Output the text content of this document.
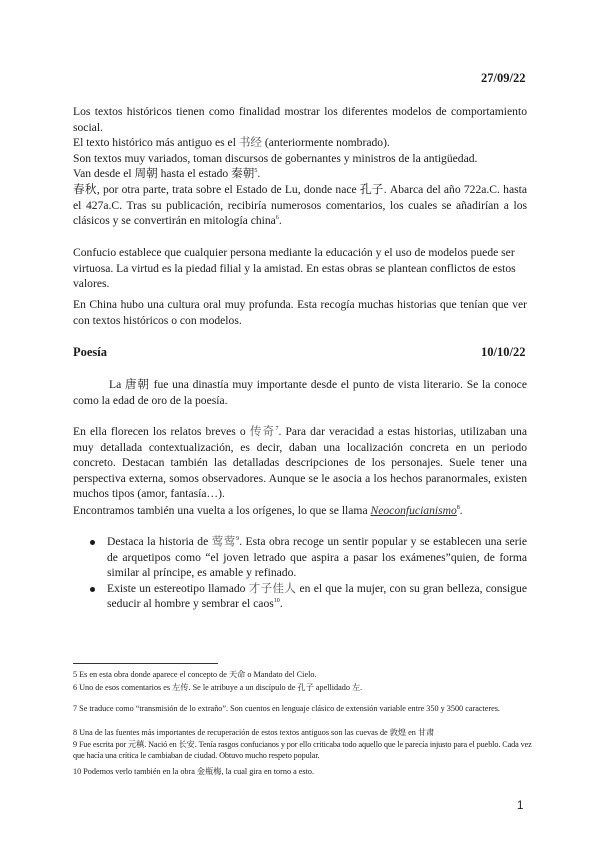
27/09/22

Los textos históricos tienen como finalidad mostrar los diferentes modelos de comportamiento social.

El texto histórico más antiguo es el 书经 (anteriormente nombrado).

Son textos muy variados, toman discursos de gobernantes y ministros de la antigüedad.

Van desde el 周朝 hasta el estado 秦朝$^5$.

春秋, por otra parte, trata sobre el Estado de Lu, donde nace 孔子. Abarca del año 722a.C. hasta el 427a.C. Tras su publicación, recibiría numerosos comentarios, los cuales se añadirían a los clásicos y se convertirán en mitología china$^6$.

Confucio establece que cualquier persona mediante la educación y el uso de modelos puede ser virtuosa. La virtud es la piedad filial y la amistad. En estas obras se plantean conflictos de estos valores.

En China hubo una cultura oral muy profunda. Esta recogía muchas historias que tenían que ver con textos históricos o con modelos.

Poesía	10/10/22

La 唐朝 fue una dinastía muy importante desde el punto de vista literario. Se la conoce como la edad de oro de la poesía.

En ella florecen los relatos breves o 传奇$^7$. Para dar veracidad a estas historias, utilizaban una muy detallada contextualización, es decir, daban una localización concreta en un periodo concreto. Destacan también las detalladas descripciones de los personajes. Suele tener una perspectiva externa, somos observadores. Aunque se le asocia a los hechos paranormales, existen muchos tipos (amor, fantasía…).

Encontramos también una vuelta a los orígenes, lo que se llama Neoconfucianismo$^8$.

Destaca la historia de 莺莺$^9$. Esta obra recoge un sentir popular y se establecen una serie de arquetipos como “el joven letrado que aspira a pasar los exámenes”quien, de forma similar al príncipe, es amable y refinado.
Existe un estereotipo llamado 才子佳人 en el que la mujer, con su gran belleza, consigue seducir al hombre y sembrar el caos$^{10}$.
5 Es en esta obra donde aparece el concepto de 天命 o Mandato del Cielo.
6 Uno de esos comentarios es 左传. Se le atribuye a un discípulo de 孔子 apellidado 左.
7 Se traduce como “transmisión de lo extraño”. Son cuentos en lenguaje clásico de extensión variable entre 350 y 3500 caracteres.
8 Una de las fuentes más importantes de recuperación de estos textos antiguos son las cuevas de 敦煌 en 甘肃
9 Fue escrita por 元稹. Nació en 长安. Tenía rasgos confucianos y por ello criticaba todo aquello que le parecía injusto para el pueblo. Cada vez que hacía una crítica le cambiaban de ciudad. Obtuvo mucho respeto popular.
10 Podemos verlo también en la obra 金瓶梅, la cual gira en torno a esto.
1
